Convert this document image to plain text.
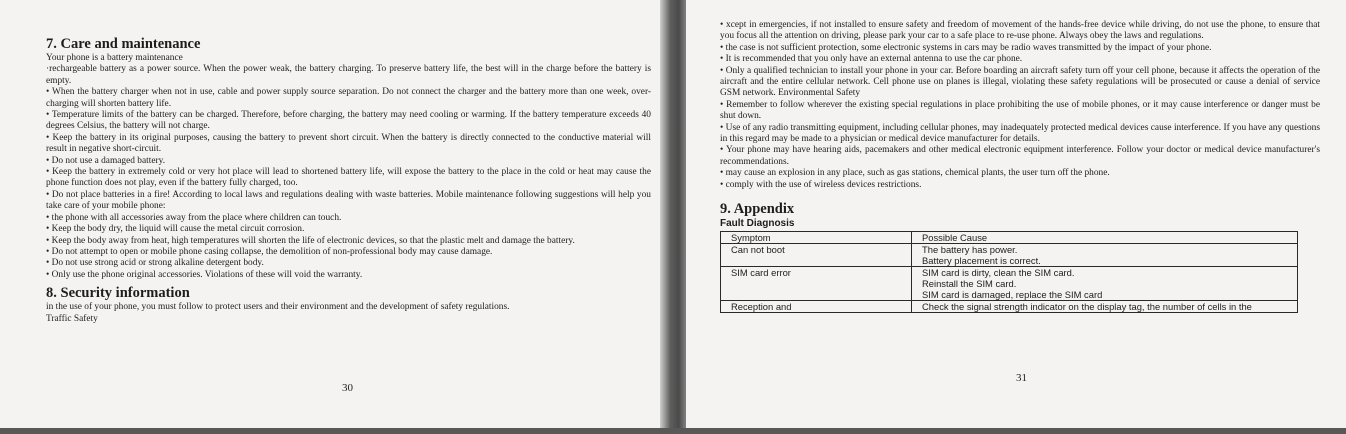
7. Care and maintenance

Your phone is a battery maintenance

·rechargeable battery as a power source. When the power weak, the battery charging. To preserve battery life, the best will in the charge before the battery is empty.

• When the battery charger when not in use, cable and power supply source separation. Do not connect the charger and the battery more than one week, over-charging will shorten battery life.

• Temperature limits of the battery can be charged. Therefore, before charging, the battery may need cooling or warming. If the battery temperature exceeds 40 degrees Celsius, the battery will not charge.

• Keep the battery in its original purposes, causing the battery to prevent short circuit. When the battery is directly connected to the conductive material will result in negative short-circuit.

• Do not use a damaged battery.

• Keep the battery in extremely cold or very hot place will lead to shortened battery life, will expose the battery to the place in the cold or heat may cause the phone function does not play, even if the battery fully charged, too.

• Do not place batteries in a fire! According to local laws and regulations dealing with waste batteries. Mobile maintenance following suggestions will help you take care of your mobile phone:

• the phone with all accessories away from the place where children can touch.

• Keep the body dry, the liquid will cause the metal circuit corrosion.

• Keep the body away from heat, high temperatures will shorten the life of electronic devices, so that the plastic melt and damage the battery.

• Do not attempt to open or mobile phone casing collapse, the demolition of non-professional body may cause damage.

• Do not use strong acid or strong alkaline detergent body.

• Only use the phone original accessories. Violations of these will void the warranty.

8. Security information

in the use of your phone, you must follow to protect users and their environment and the development of safety regulations.

Traffic Safety

30

• xcept in emergencies, if not installed to ensure safety and freedom of movement of the hands-free device while driving, do not use the phone, to ensure that you focus all the attention on driving, please park your car to a safe place to re-use phone. Always obey the laws and regulations.

• the case is not sufficient protection, some electronic systems in cars may be radio waves transmitted by the impact of your phone.

• It is recommended that you only have an external antenna to use the car phone.

• Only a qualified technician to install your phone in your car. Before boarding an aircraft safety turn off your cell phone, because it affects the operation of the aircraft and the entire cellular network. Cell phone use on planes is illegal, violating these safety regulations will be prosecuted or cause a denial of service GSM network. Environmental Safety

• Remember to follow wherever the existing special regulations in place prohibiting the use of mobile phones, or it may cause interference or danger must be shut down.

• Use of any radio transmitting equipment, including cellular phones, may inadequately protected medical devices cause interference. If you have any questions in this regard may be made to a physician or medical device manufacturer for details.

• Your phone may have hearing aids, pacemakers and other medical electronic equipment interference. Follow your doctor or medical device manufacturer's recommendations.

• may cause an explosion in any place, such as gas stations, chemical plants, the user turn off the phone.

• comply with the use of wireless devices restrictions.

9. Appendix
Fault Diagnosis
Symptom	Possible Cause
Can not boot	The battery has power.
Battery placement is correct.

SIM card error	SIM card is dirty, clean the SIM card.
Reinstall the SIM card.
SIM card is damaged, replace the SIM card

Reception and	Check the signal strength indicator on the display tag, the number of cells in the
31
